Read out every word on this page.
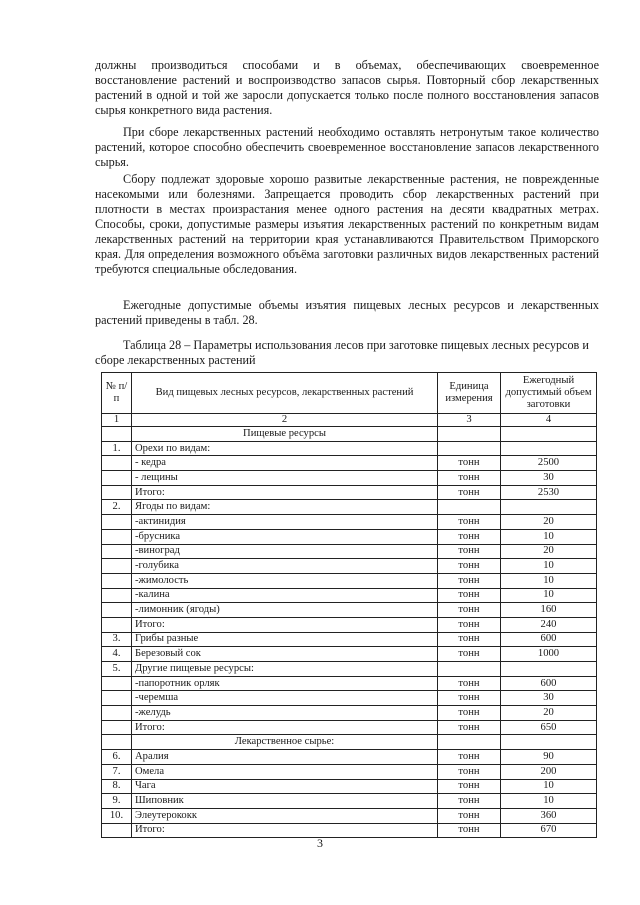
должны производиться способами и в объемах, обеспечивающих своевременное восстановление растений и воспроизводство запасов сырья. Повторный сбор лекарственных растений в одной и той же заросли допускается только после полного восстановления запасов сырья конкретного вида растения.

При сборе лекарственных растений необходимо оставлять нетронутым такое количество растений, которое способно обеспечить своевременное восстановление запасов лекарственного сырья.

Сбору подлежат здоровые хорошо развитые лекарственные растения, не поврежденные насекомыми или болезнями. Запрещается проводить сбор лекарственных растений при плотности в местах произрастания менее одного растения на десяти квадратных метрах. Способы, сроки, допустимые размеры изъятия лекарственных растений по конкретным видам лекарственных растений на территории края устанавливаются Правительством Приморского края. Для определения возможного объёма заготовки различных видов лекарственных растений требуются специальные обследования.

Ежегодные допустимые объемы изъятия пищевых лесных ресурсов и лекарственных растений приведены в табл. 28.

Таблица 28 – Параметры использования лесов при заготовке пищевых лесных ресурсов и сборе лекарственных растений

№ п/п	Вид пищевых лесных ресурсов, лекарственных растений	Единица измерения	Ежегодный допустимый объем заготовки
1	2	3	4
	Пищевые ресурсы		
1.	Орехи по видам:		
	- кедра	тонн	2500
	- лещины	тонн	30
	Итого:	тонн	2530
2.	Ягоды по видам:		
	-актинидия	тонн	20
	-брусника	тонн	10
	-виноград	тонн	20
	-голубика	тонн	10
	-жимолость	тонн	10
	-калина	тонн	10
	-лимонник (ягоды)	тонн	160
	Итого:	тонн	240
3.	Грибы разные	тонн	600
4.	Березовый сок	тонн	1000
5.	Другие пищевые ресурсы:		
	-папоротник орляк	тонн	600
	-черемша	тонн	30
	-желудь	тонн	20
	Итого:	тонн	650
	Лекарственное сырье:		
6.	Аралия	тонн	90
7.	Омела	тонн	200
8.	Чага	тонн	10
9.	Шиповник	тонн	10
10.	Элеутерококк	тонн	360
	Итого:	тонн	670
3
